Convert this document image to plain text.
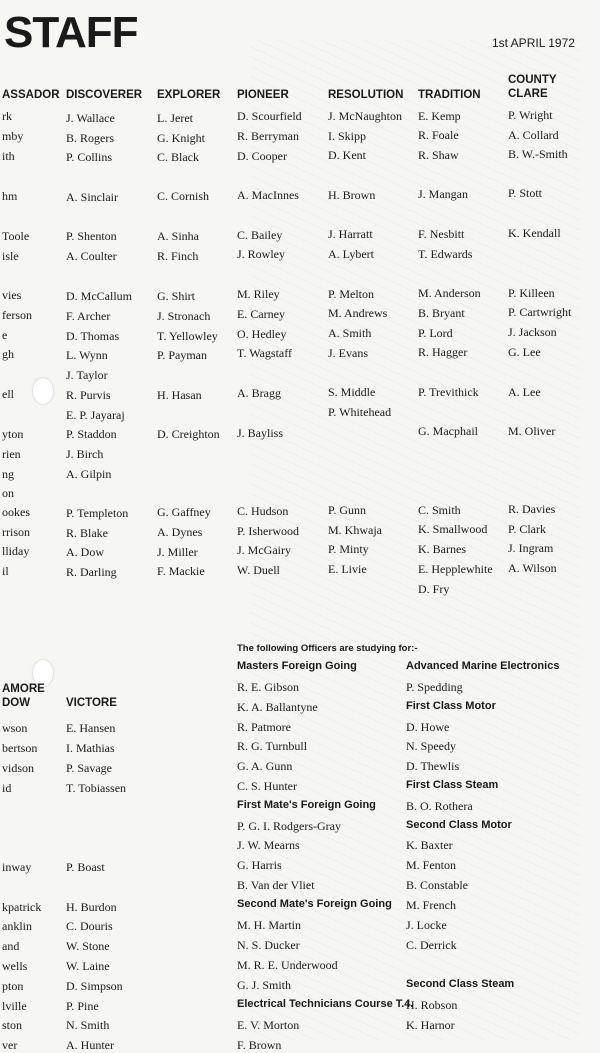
STAFF	1st APRIL 1972
The following Officers are studying for:-
ASSADOR
rk
mby
ith
hm
Toole
isle
vies
ferson
e
gh
ell
yton
rien
ng
on
ookes
rrison
lliday
il
DISCOVERER
J. Wallace
B. Rogers
P. Collins
A. Sinclair
P. Shenton
A. Coulter
D. McCallum
F. Archer
D. Thomas
L. Wynn
J. Taylor
R. Purvis
E. P. Jayaraj
P. Staddon
J. Birch
A. Gilpin
P. Templeton
R. Blake
A. Dow
R. Darling
EXPLORER
L. Jeret
G. Knight
C. Black
C. Cornish
A. Sinha
R. Finch
G. Shirt
J. Stronach
T. Yellowley
P. Payman
H. Hasan
D. Creighton
G. Gaffney
A. Dynes
J. Miller
F. Mackie
PIONEER
D. Scourfield
R. Berryman
D. Cooper
A. MacInnes
C. Bailey
J. Rowley
M. Riley
E. Carney
O. Hedley
T. Wagstaff
A. Bragg
J. Bayliss
C. Hudson
P. Isherwood
J. McGairy
W. Duell
RESOLUTION
J. McNaughton
I. Skipp
D. Kent
H. Brown
J. Harratt
A. Lybert
P. Melton
M. Andrews
A. Smith
J. Evans
S. Middle
P. Whitehead
P. Gunn
M. Khwaja
P. Minty
E. Livie
TRADITION
E. Kemp
R. Foale
R. Shaw
J. Mangan
F. Nesbitt
T. Edwards
M. Anderson
B. Bryant
P. Lord
R. Hagger
P. Trevithick
G. Macphail
C. Smith
K. Smallwood
K. Barnes
E. Hepplewhite
D. Fry
COUNTY
CLARE
P. Wright
A. Collard
B. W.-Smith
P. Stott
K. Kendall
P. Killeen
P. Cartwright
J. Jackson
G. Lee
A. Lee
M. Oliver
R. Davies
P. Clark
J. Ingram
A. Wilson
AMORE
DOW
wson
bertson
vidson
id
inway
kpatrick
anklin
and
wells
pton
lville
ston
ver
VICTORE
E. Hansen
I. Mathias
P. Savage
T. Tobiassen
P. Boast
H. Burdon
C. Douris
W. Stone
W. Laine
D. Simpson
P. Pine
N. Smith
A. Hunter
Masters Foreign Going
R. E. Gibson
K. A. Ballantyne
R. Patmore
R. G. Turnbull
G. A. Gunn
C. S. Hunter
First Mate's Foreign Going
P. G. I. Rodgers-Gray
J. W. Mearns
G. Harris
B. Van der Vliet
Second Mate's Foreign Going
M. H. Martin
N. S. Ducker
M. R. E. Underwood
G. J. Smith
Electrical Technicians Course T.4.
E. V. Morton
F. Brown
Advanced Marine Electronics
P. Spedding
First Class Motor
D. Howe
N. Speedy
D. Thewlis
First Class Steam
B. O. Rothera
Second Class Motor
K. Baxter
M. Fenton
B. Constable
M. French
J. Locke
C. Derrick
Second Class Steam
H. Robson
K. Harnor
